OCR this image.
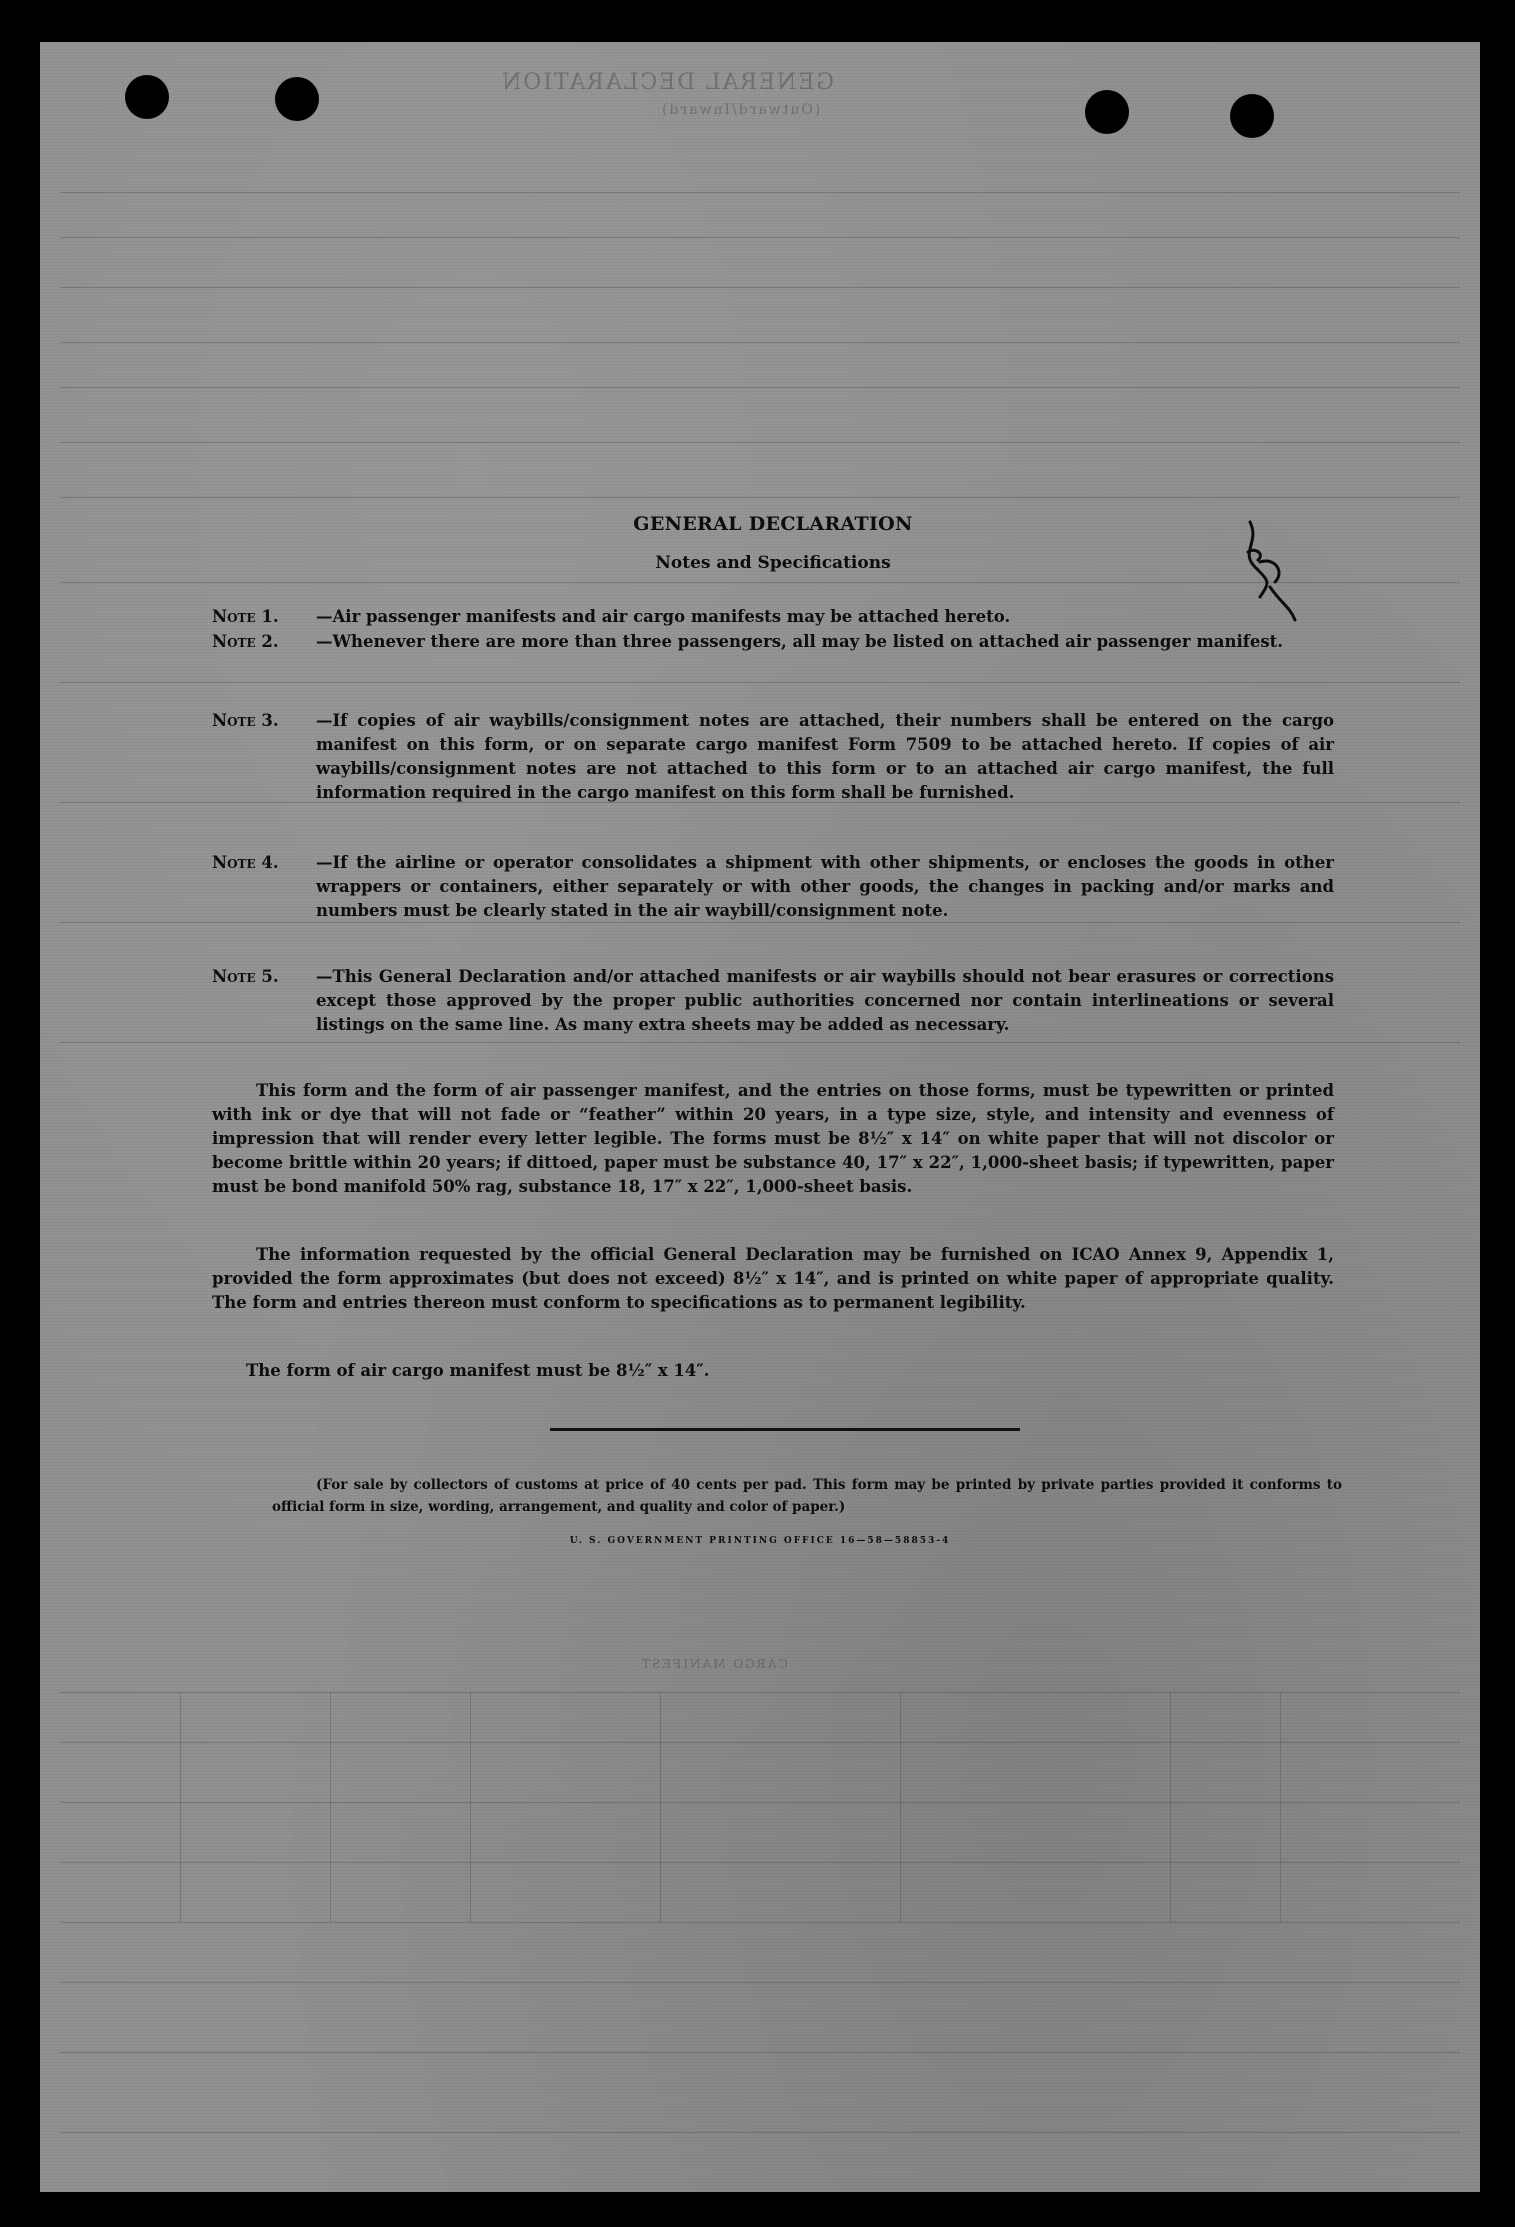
GENERAL DECLARATION
(Outward/Inward)
CARGO MANIFEST
GENERAL DECLARATION
Notes and Specifications
Note 1.	—Air passenger manifests and air cargo manifests may be attached hereto.
Note 2.	—Whenever there are more than three passengers, all may be listed on attached air passenger manifest.
Note 3.	—If copies of air waybills/consignment notes are attached, their numbers shall be entered on the cargo manifest on this form, or on separate cargo manifest Form 7509 to be attached hereto. If copies of air waybills/consignment notes are not attached to this form or to an attached air cargo manifest, the full information required in the cargo manifest on this form shall be furnished.
Note 4.	—If the airline or operator consolidates a shipment with other shipments, or encloses the goods in other wrappers or containers, either separately or with other goods, the changes in packing and/or marks and numbers must be clearly stated in the air waybill/consignment note.
Note 5.	—This General Declaration and/or attached manifests or air waybills should not bear erasures or corrections except those approved by the proper public authorities concerned nor contain interlineations or several listings on the same line. As many extra sheets may be added as necessary.
This form and the form of air passenger manifest, and the entries on those forms, must be typewritten or printed with ink or dye that will not fade or “feather” within 20 years, in a type size, style, and intensity and evenness of impression that will render every letter legible. The forms must be 8½″ x 14″ on white paper that will not discolor or become brittle within 20 years; if dittoed, paper must be substance 40, 17″ x 22″, 1,000-sheet basis; if typewritten, paper must be bond manifold 50% rag, substance 18, 17″ x 22″, 1,000-sheet basis.
The information requested by the official General Declaration may be furnished on ICAO Annex 9, Appendix 1, provided the form approximates (but does not exceed) 8½″ x 14″, and is printed on white paper of appropriate quality. The form and entries thereon must conform to specifications as to permanent legibility.
The form of air cargo manifest must be 8½″ x 14″.
(For sale by collectors of customs at price of 40 cents per pad. This form may be printed by private parties provided it conforms to official form in size, wording, arrangement, and quality and color of paper.)
U. S. GOVERNMENT PRINTING OFFICE 16—58—58853-4
